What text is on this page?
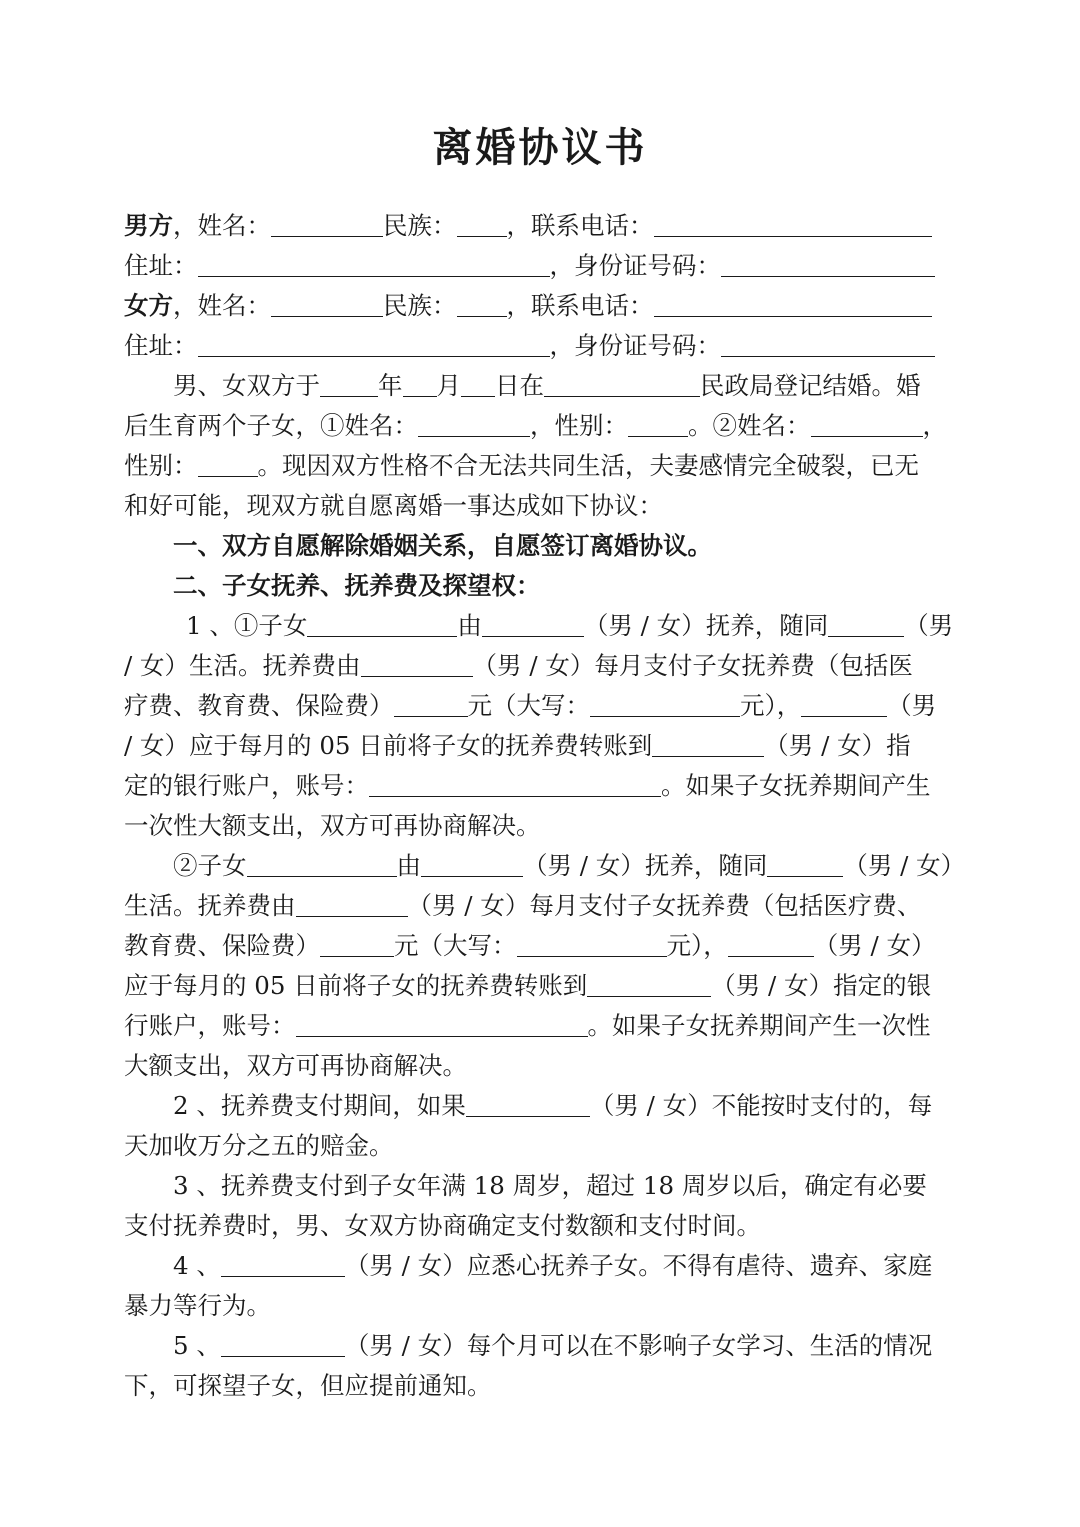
离婚协议书
男方，姓名：	民族： ，联系电话：
住址：	，身份证号码：
女方，姓名：	民族： ，联系电话：
住址：	，身份证号码：
男、女双方于 年 月 日在	民政局登记结婚。婚
后生育两个子女，①姓名：	，性别： 。②姓名：	，
性别： 。现因双方性格不合无法共同生活，夫妻感情完全破裂，已无
和好可能，现双方就自愿离婚一事达成如下协议：
一、双方自愿解除婚姻关系，自愿签订离婚协议。
二、子女抚养、抚养费及探望权：
1 、①子女	由	（男 / 女）抚养，随同	（男
/ 女）生活。抚养费由	（男 / 女）每月支付子女抚养费（包括医
疗费、教育费、保险费）	元（大写：	元），	（男
/ 女）应于每月的 05 日前将子女的抚养费转账到	（男 / 女）指
定的银行账户，账号：	。如果子女抚养期间产生
一次性大额支出，双方可再协商解决。
②子女	由	（男 / 女）抚养，随同	（男 / 女）
生活。抚养费由	（男 / 女）每月支付子女抚养费（包括医疗费、
教育费、保险费）	元（大写：	元），	（男 / 女）
应于每月的 05 日前将子女的抚养费转账到	（男 / 女）指定的银
行账户，账号：	。如果子女抚养期间产生一次性
大额支出，双方可再协商解决。
2 、抚养费支付期间，如果	（男 / 女）不能按时支付的，每
天加收万分之五的赔金。
3 、抚养费支付到子女年满 18 周岁，超过 18 周岁以后，确定有必要
支付抚养费时，男、女双方协商确定支付数额和支付时间。
4 、	（男 / 女）应悉心抚养子女。不得有虐待、遗弃、家庭
暴力等行为。
5 、	（男 / 女）每个月可以在不影响子女学习、生活的情况
下，可探望子女，但应提前通知。
